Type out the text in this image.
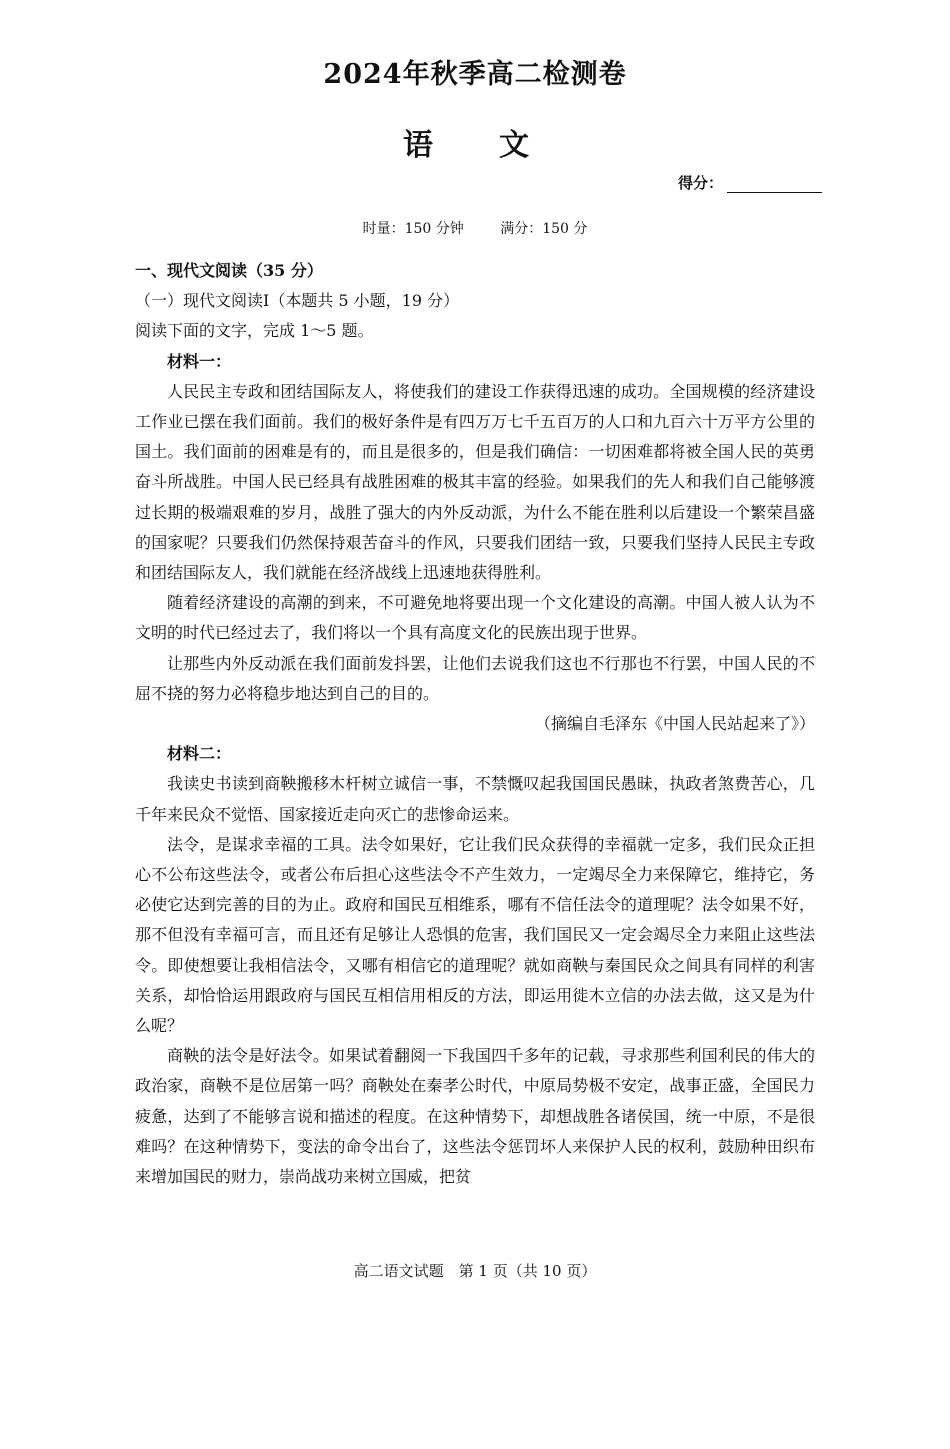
2024年秋季高二检测卷
语　文
得分：
时量：150 分钟	满分：150 分

一、现代文阅读（35 分）

（一）现代文阅读Ⅰ（本题共 5 小题，19 分）

阅读下面的文字，完成 1～5 题。

材料一：

人民民主专政和团结国际友人，将使我们的建设工作获得迅速的成功。全国规模的经济建设工作业已摆在我们面前。我们的极好条件是有四万万七千五百万的人口和九百六十万平方公里的国土。我们面前的困难是有的，而且是很多的，但是我们确信：一切困难都将被全国人民的英勇奋斗所战胜。中国人民已经具有战胜困难的极其丰富的经验。如果我们的先人和我们自己能够渡过长期的极端艰难的岁月，战胜了强大的内外反动派，为什么不能在胜利以后建设一个繁荣昌盛的国家呢？只要我们仍然保持艰苦奋斗的作风，只要我们团结一致，只要我们坚持人民民主专政和团结国际友人，我们就能在经济战线上迅速地获得胜利。

随着经济建设的高潮的到来，不可避免地将要出现一个文化建设的高潮。中国人被人认为不文明的时代已经过去了，我们将以一个具有高度文化的民族出现于世界。

让那些内外反动派在我们面前发抖罢，让他们去说我们这也不行那也不行罢，中国人民的不屈不挠的努力必将稳步地达到自己的目的。

（摘编自毛泽东《中国人民站起来了》）

材料二：

我读史书读到商鞅搬移木杆树立诚信一事，不禁慨叹起我国国民愚昧，执政者煞费苦心，几千年来民众不觉悟、国家接近走向灭亡的悲惨命运来。

法令，是谋求幸福的工具。法令如果好，它让我们民众获得的幸福就一定多，我们民众正担心不公布这些法令，或者公布后担心这些法令不产生效力，一定竭尽全力来保障它，维持它，务必使它达到完善的目的为止。政府和国民互相维系，哪有不信任法令的道理呢？法令如果不好，那不但没有幸福可言，而且还有足够让人恐惧的危害，我们国民又一定会竭尽全力来阻止这些法令。即使想要让我相信法令，又哪有相信它的道理呢？就如商鞅与秦国民众之间具有同样的利害关系，却恰恰运用跟政府与国民互相信用相反的方法，即运用徙木立信的办法去做，这又是为什么呢？

商鞅的法令是好法令。如果试着翻阅一下我国四千多年的记载，寻求那些利国利民的伟大的政治家，商鞅不是位居第一吗？商鞅处在秦孝公时代，中原局势极不安定，战事正盛，全国民力疲惫，达到了不能够言说和描述的程度。在这种情势下，却想战胜各诸侯国，统一中原，不是很难吗？在这种情势下，变法的命令出台了，这些法令惩罚坏人来保护人民的权利，鼓励种田织布来增加国民的财力，崇尚战功来树立国威，把贫

高二语文试题　第 1 页（共 10 页）
